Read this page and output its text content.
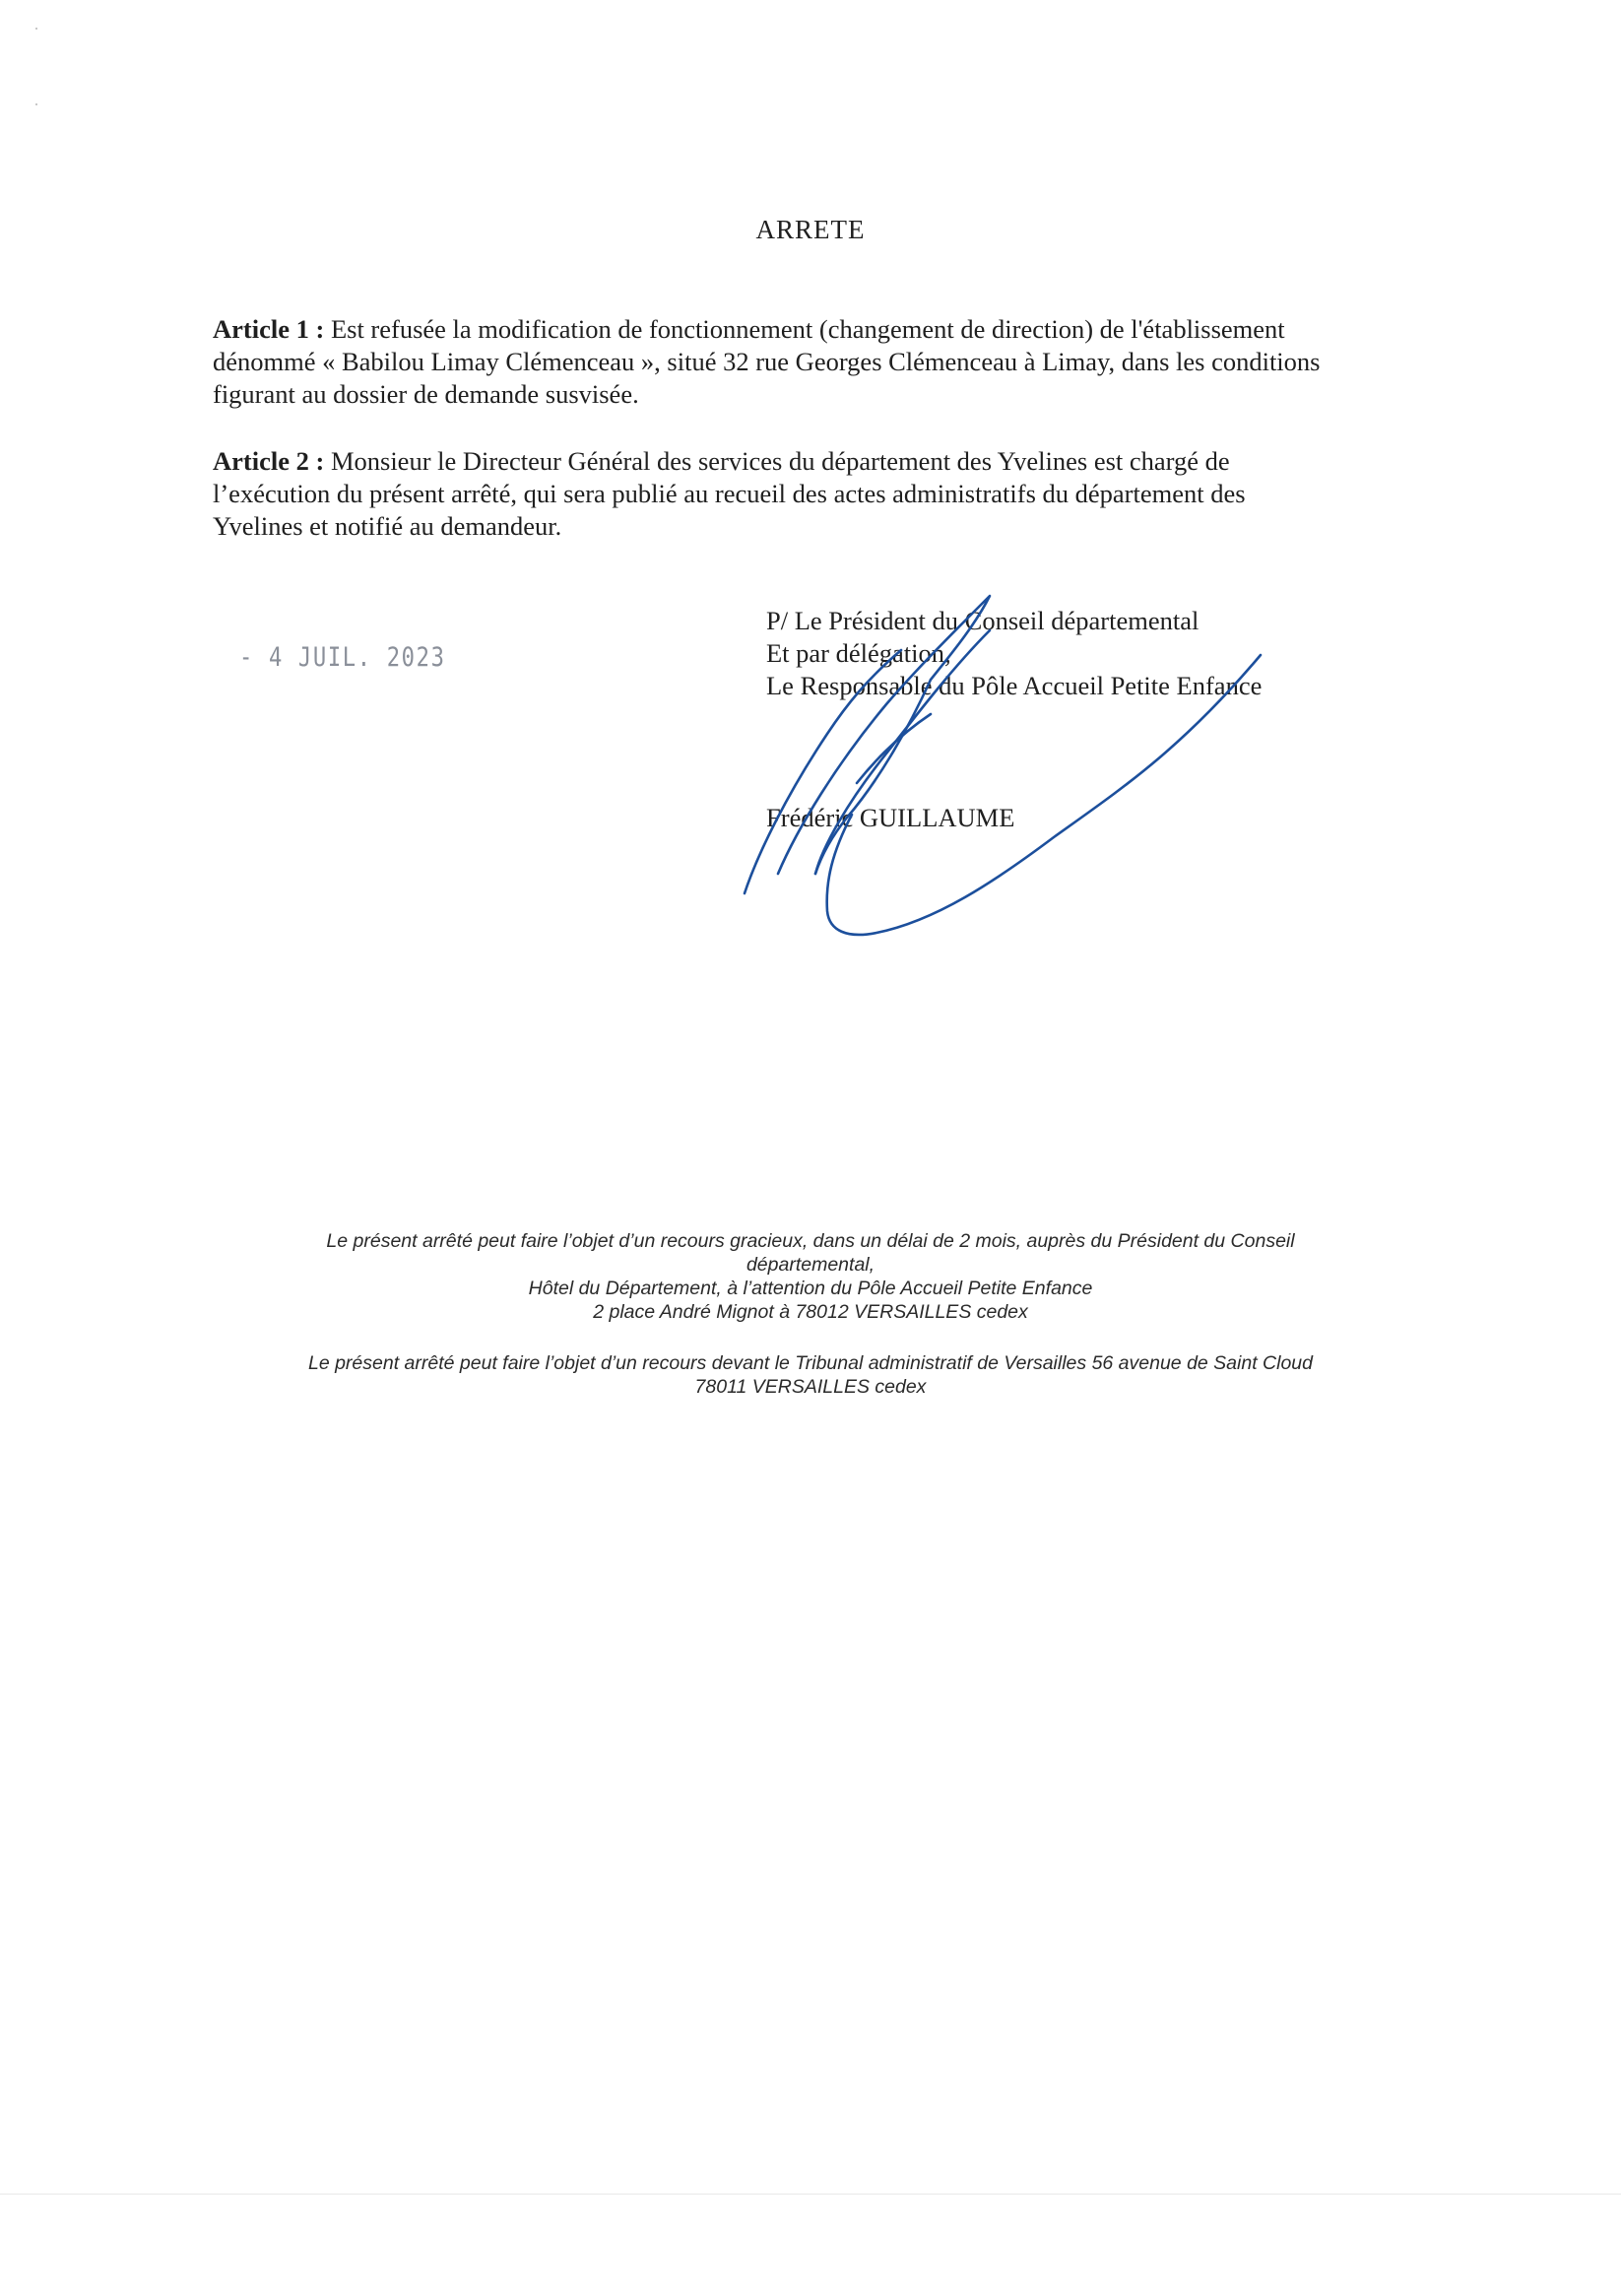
ARRETE
Article 1 : Est refusée la modification de fonctionnement (changement de direction) de l'établissement
dénommé « Babilou Limay Clémenceau », situé 32 rue Georges Clémenceau à Limay, dans les conditions
figurant au dossier de demande susvisée.
Article 2 : Monsieur le Directeur Général des services du département des Yvelines est chargé de
l’exécution du présent arrêté, qui sera publié au recueil des actes administratifs du département des
Yvelines et notifié au demandeur.
- 4 JUIL. 2023
P/ Le Président du Conseil départemental
Et par délégation,
Le Responsable du Pôle Accueil Petite Enfance
Frédéric GUILLAUME
Le présent arrêté peut faire l’objet d’un recours gracieux, dans un délai de 2 mois, auprès du Président du Conseil
départemental,
Hôtel du Département, à l’attention du Pôle Accueil Petite Enfance
2 place André Mignot à 78012 VERSAILLES cedex
Le présent arrêté peut faire l’objet d’un recours devant le Tribunal administratif de Versailles 56 avenue de Saint Cloud
78011 VERSAILLES cedex
